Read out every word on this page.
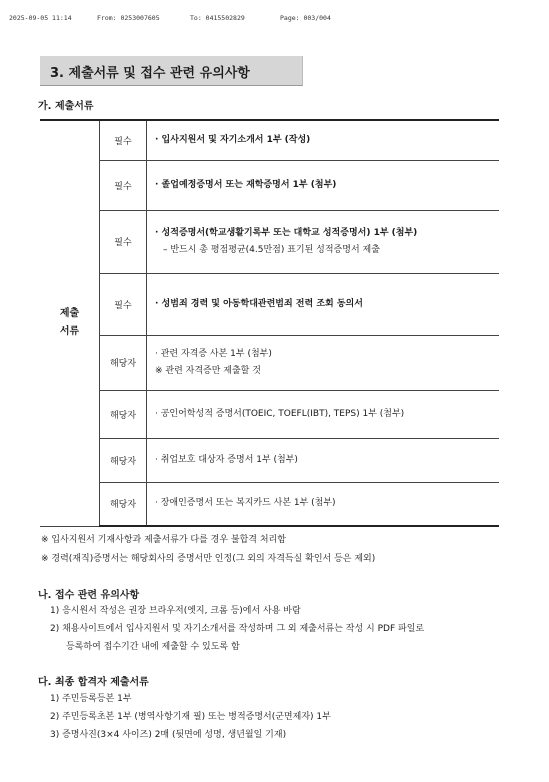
2025-09-05 11:14	From: 0253007605	To: 0415502829	Page: 003/004
3. 제출서류 및 접수 관련 유의사항
가. 제출서류
제출
서류	필수	· 입사지원서 및 자기소개서 1부 (작성)

	필수	· 졸업예정증명서 또는 재학증명서 1부 (첨부)

	필수	· 성적증명서(학교생활기록부 또는 대학교 성적증명서) 1부 (첨부)
– 반드시 총 평점평균(4.5만점) 표기된 성적증명서 제출

	필수	· 성범죄 경력 및 아동학대관련범죄 전력 조회 동의서

	해당자	· 관련 자격증 사본 1부 (첨부)
※ 관련 자격증만 제출할 것

	해당자	· 공인어학성적 증명서(TOEIC, TOEFL(IBT), TEPS) 1부 (첨부)

	해당자	· 취업보호 대상자 증명서 1부 (첨부)

	해당자	· 장애인증명서 또는 복지카드 사본 1부 (첨부)
※ 입사지원서 기재사항과 제출서류가 다를 경우 불합격 처리함
※ 경력(재직)증명서는 해당회사의 증명서만 인정(그 외의 자격득실 확인서 등은 제외)
나. 접수 관련 유의사항
1) 응시원서 작성은 권장 브라우저(엣지, 크롬 등)에서 사용 바람
2) 채용사이트에서 입사지원서 및 자기소개서를 작성하며 그 외 제출서류는 작성 시 PDF 파일로
등록하여 접수기간 내에 제출할 수 있도록 함
다. 최종 합격자 제출서류
1) 주민등록등본 1부
2) 주민등록초본 1부 (병역사항기재 필) 또는 병적증명서(군면제자) 1부
3) 증명사진(3×4 사이즈) 2매 (뒷면에 성명, 생년월일 기재)
